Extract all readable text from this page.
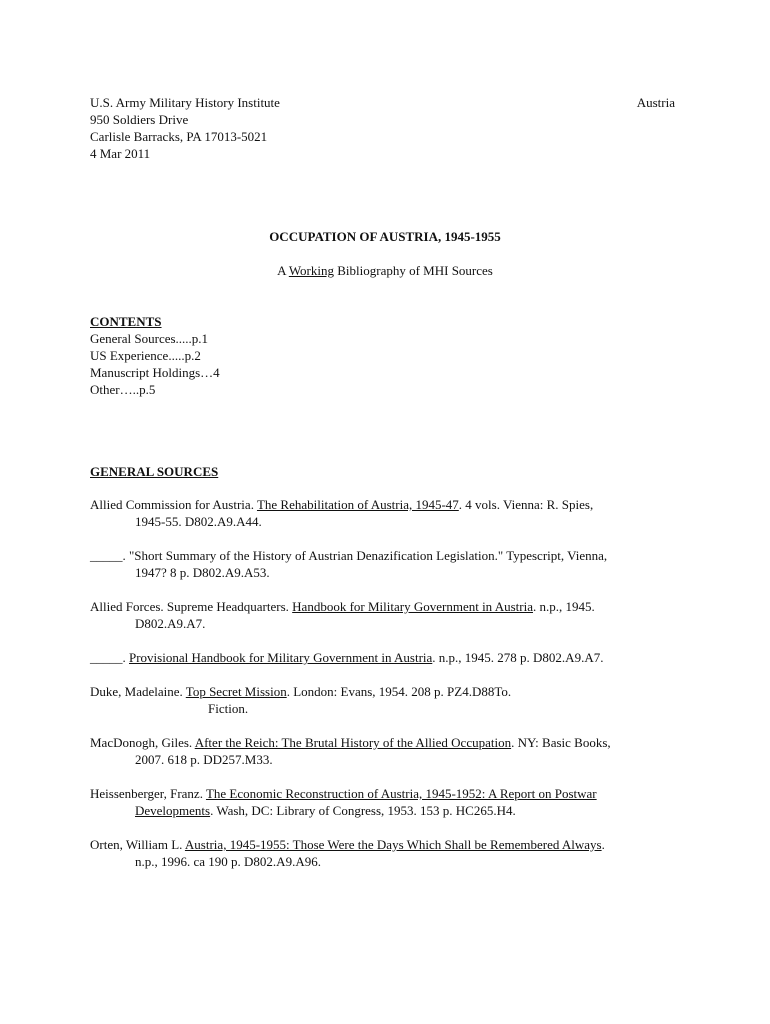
U.S. Army Military History Institute
950 Soldiers Drive
Carlisle Barracks, PA 17013-5021
4 Mar 2011
Austria
OCCUPATION OF AUSTRIA, 1945-1955
A Working Bibliography of MHI Sources
CONTENTS
General Sources.....p.1
US Experience.....p.2
Manuscript Holdings…4
Other…..p.5
GENERAL SOURCES
Allied Commission for Austria. The Rehabilitation of Austria, 1945-47. 4 vols. Vienna: R. Spies,
1945-55. D802.A9.A44.
_____. "Short Summary of the History of Austrian Denazification Legislation." Typescript, Vienna,
1947? 8 p. D802.A9.A53.
Allied Forces. Supreme Headquarters. Handbook for Military Government in Austria. n.p., 1945.
D802.A9.A7.
_____. Provisional Handbook for Military Government in Austria. n.p., 1945. 278 p. D802.A9.A7.
Duke, Madelaine. Top Secret Mission. London: Evans, 1954. 208 p. PZ4.D88To.
Fiction.
MacDonogh, Giles. After the Reich: The Brutal History of the Allied Occupation. NY: Basic Books,
2007. 618 p. DD257.M33.
Heissenberger, Franz. The Economic Reconstruction of Austria, 1945-1952: A Report on Postwar
Developments. Wash, DC: Library of Congress, 1953. 153 p. HC265.H4.
Orten, William L. Austria, 1945-1955: Those Were the Days Which Shall be Remembered Always.
n.p., 1996. ca 190 p. D802.A9.A96.
